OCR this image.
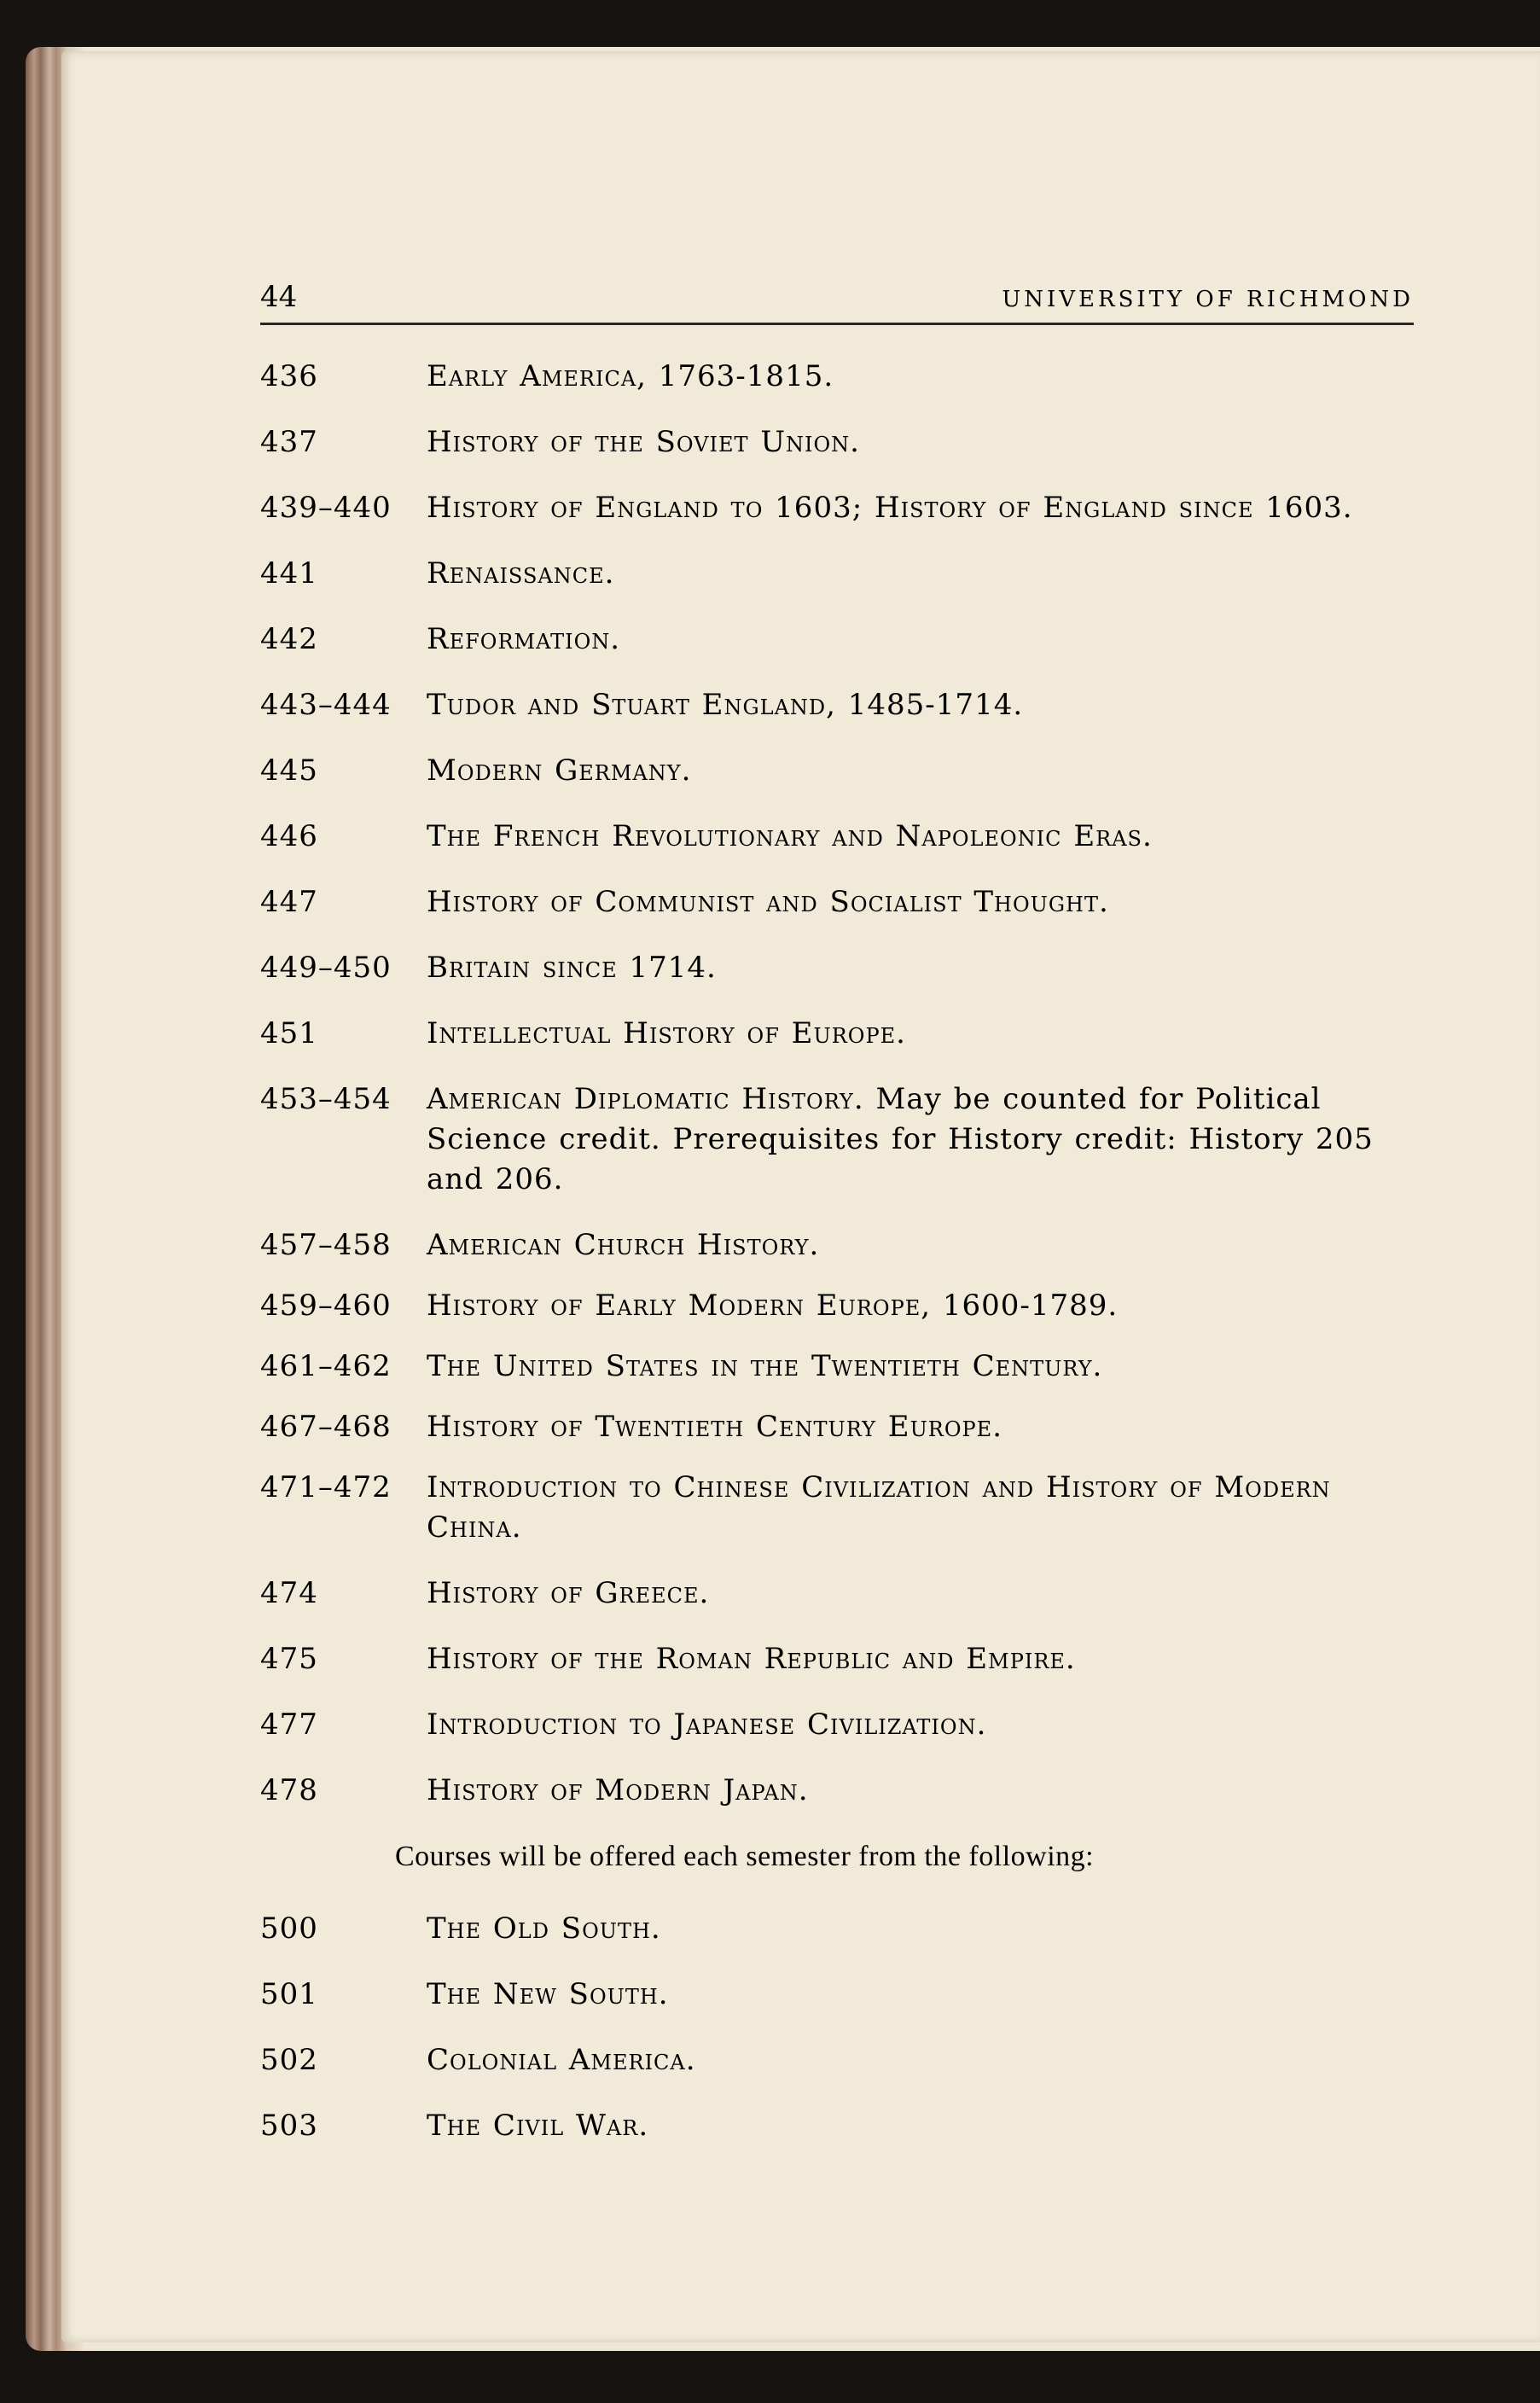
44	UNIVERSITY OF RICHMOND
436	Early America, 1763-1815.
437	History of the Soviet Union.
439–440	History of England to 1603; History of England since 1603.
441	Renaissance.
442	Reformation.
443–444	Tudor and Stuart England, 1485-1714.
445	Modern Germany.
446	The French Revolutionary and Napoleonic Eras.
447	History of Communist and Socialist Thought.
449–450	Britain since 1714.
451	Intellectual History of Europe.
453–454	American Diplomatic History. May be counted for Political Science credit. Prerequisites for History credit: History 205 and 206.
457–458	American Church History.
459–460	History of Early Modern Europe, 1600-1789.
461–462	The United States in the Twentieth Century.
467–468	History of Twentieth Century Europe.
471–472	Introduction to Chinese Civilization and History of Modern China.
474	History of Greece.
475	History of the Roman Republic and Empire.
477	Introduction to Japanese Civilization.
478	History of Modern Japan.
Courses will be offered each semester from the following:
500	The Old South.
501	The New South.
502	Colonial America.
503	The Civil War.
